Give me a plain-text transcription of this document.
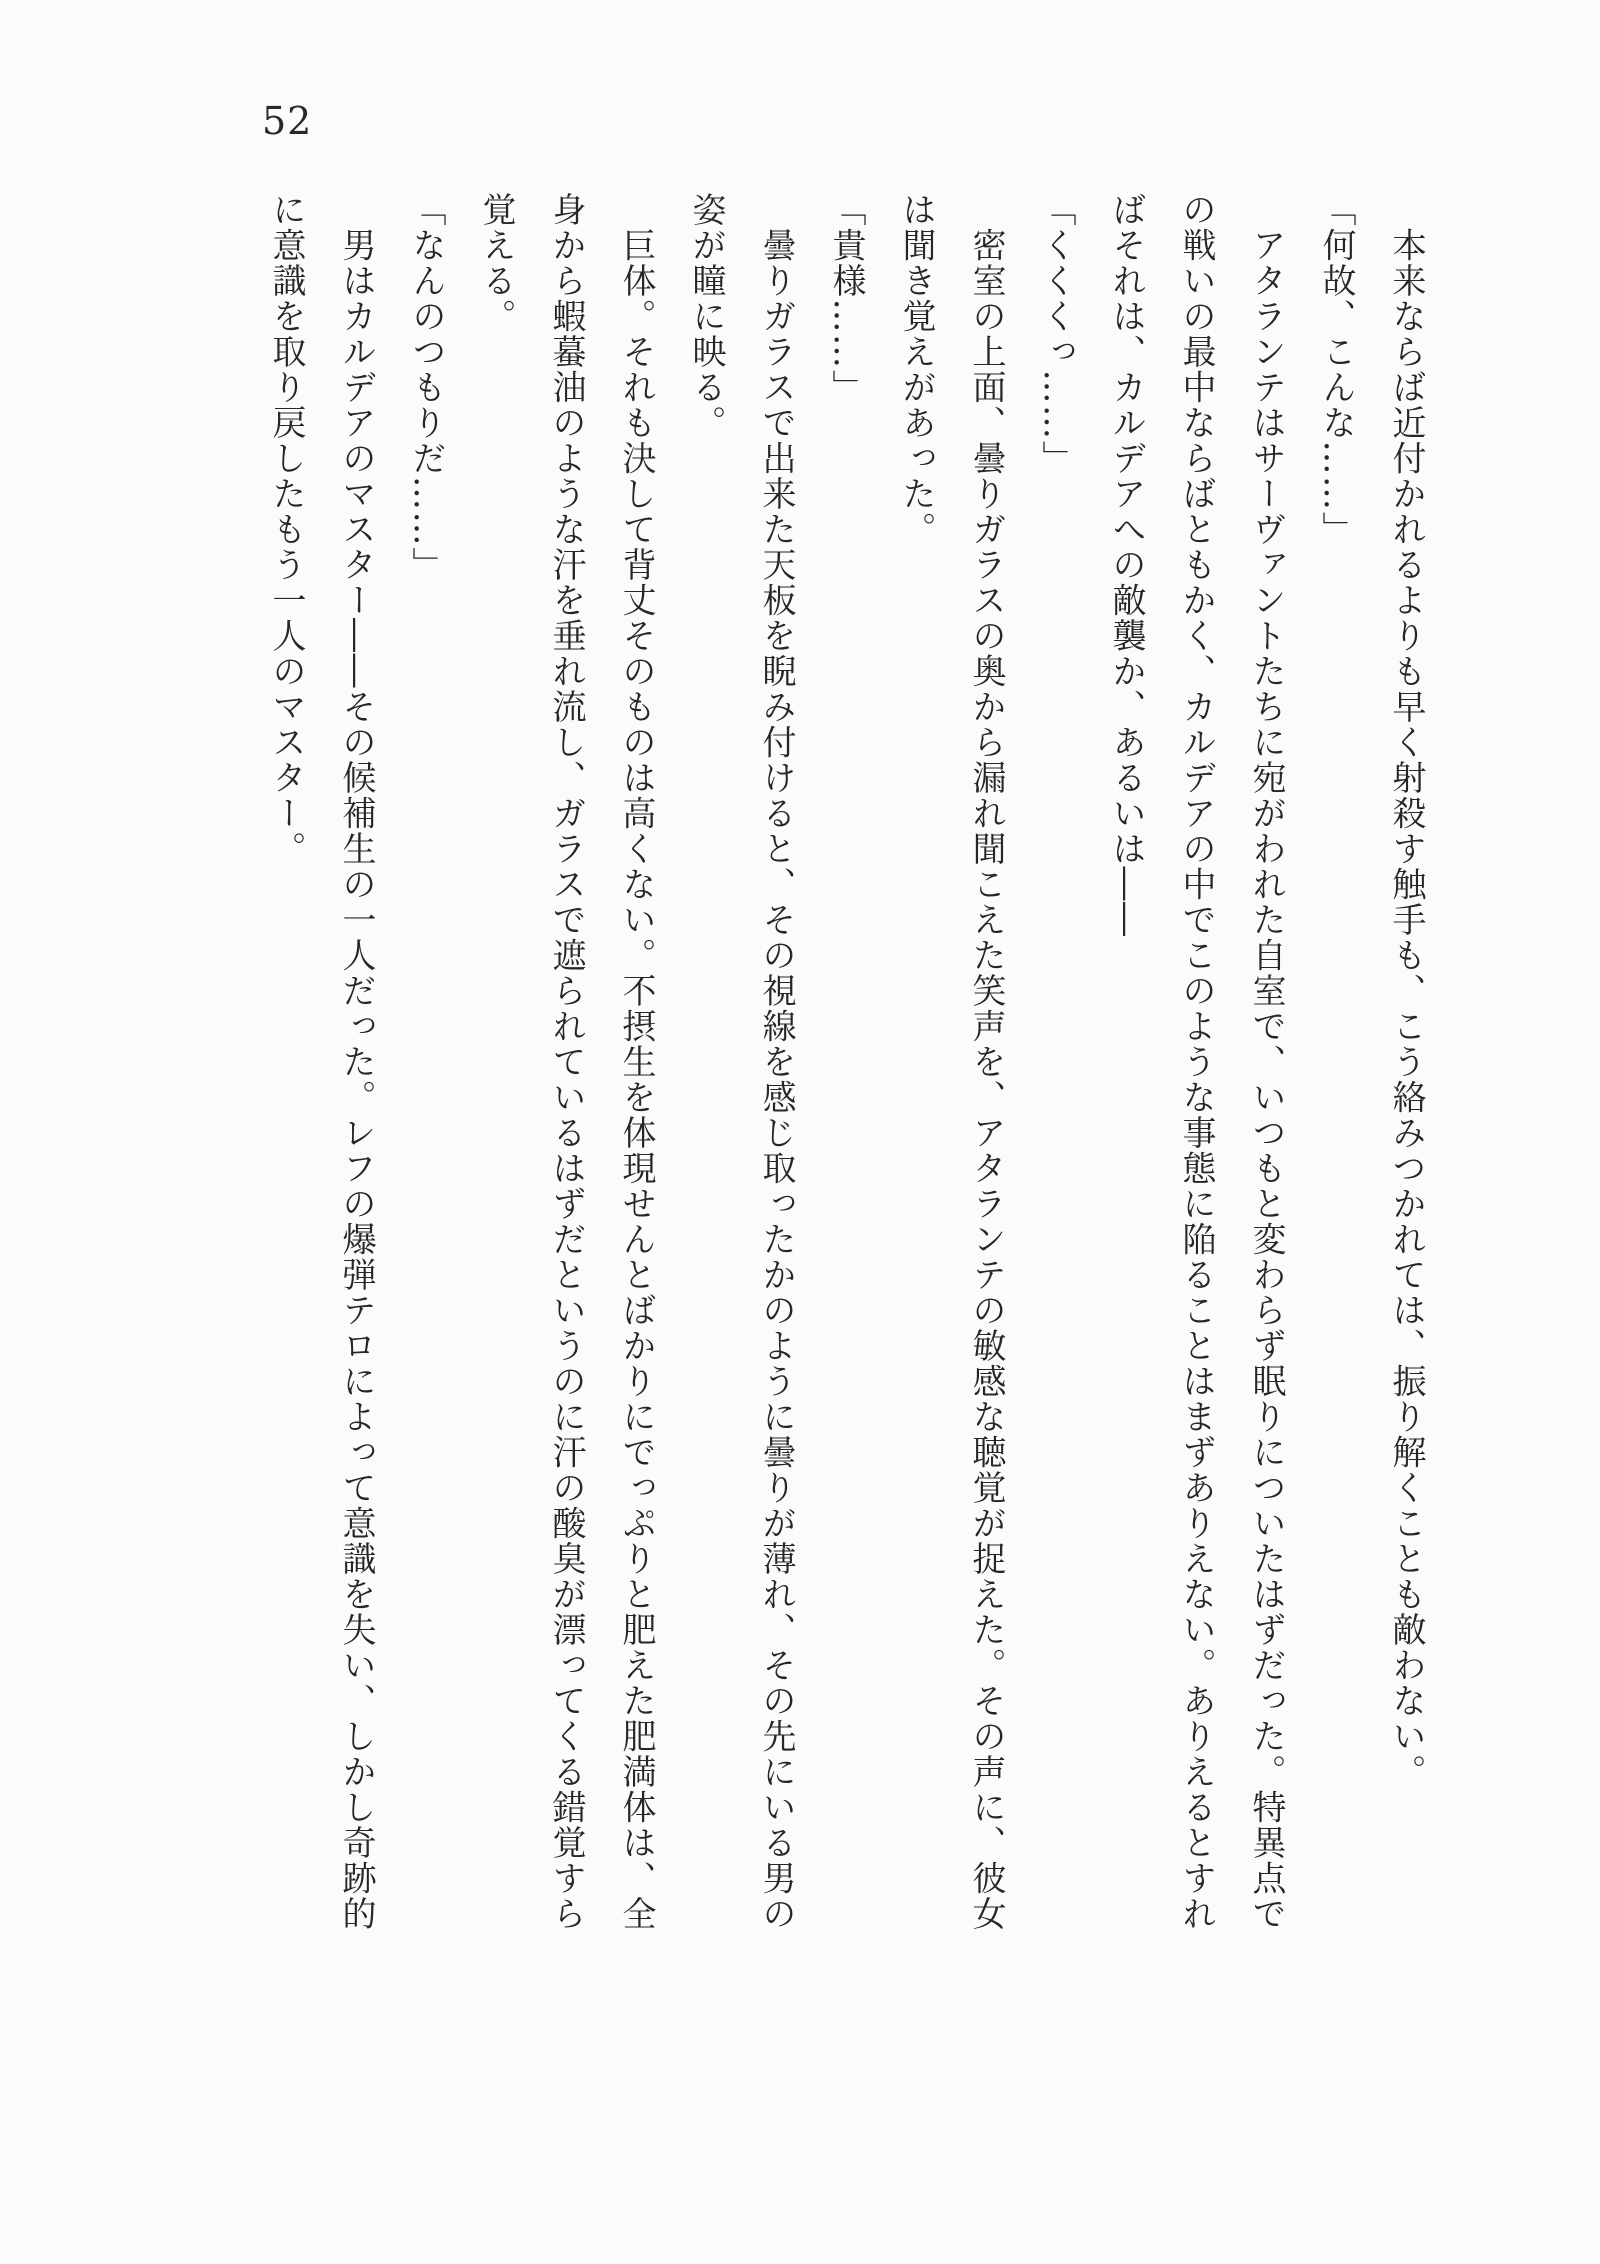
52

　本来ならば近付かれるよりも早く射殺す触手も、こう絡みつかれては、振り解くことも敵わない。

「何故、こんな……」

　アタランテはサーヴァントたちに宛がわれた自室で、いつもと変わらず眠りについたはずだった。特異点で

の戦いの最中ならばともかく、カルデアの中でこのような事態に陥ることはまずありえない。ありえるとすれ

ばそれは、カルデアへの敵襲か、あるいは――

「くくくっ……」

　密室の上面、曇りガラスの奥から漏れ聞こえた笑声を、アタランテの敏感な聴覚が捉えた。その声に、彼女

は聞き覚えがあった。

「貴様……」

　曇りガラスで出来た天板を睨み付けると、その視線を感じ取ったかのように曇りが薄れ、その先にいる男の

姿が瞳に映る。

　巨体。それも決して背丈そのものは高くない。不摂生を体現せんとばかりにでっぷりと肥えた肥満体は、全

身から蝦蟇油のような汗を垂れ流し、ガラスで遮られているはずだというのに汗の酸臭が漂ってくる錯覚すら

覚える。

「なんのつもりだ……」

　男はカルデアのマスター――その候補生の一人だった。レフの爆弾テロによって意識を失い、しかし奇跡的

に意識を取り戻したもう一人のマスター。
